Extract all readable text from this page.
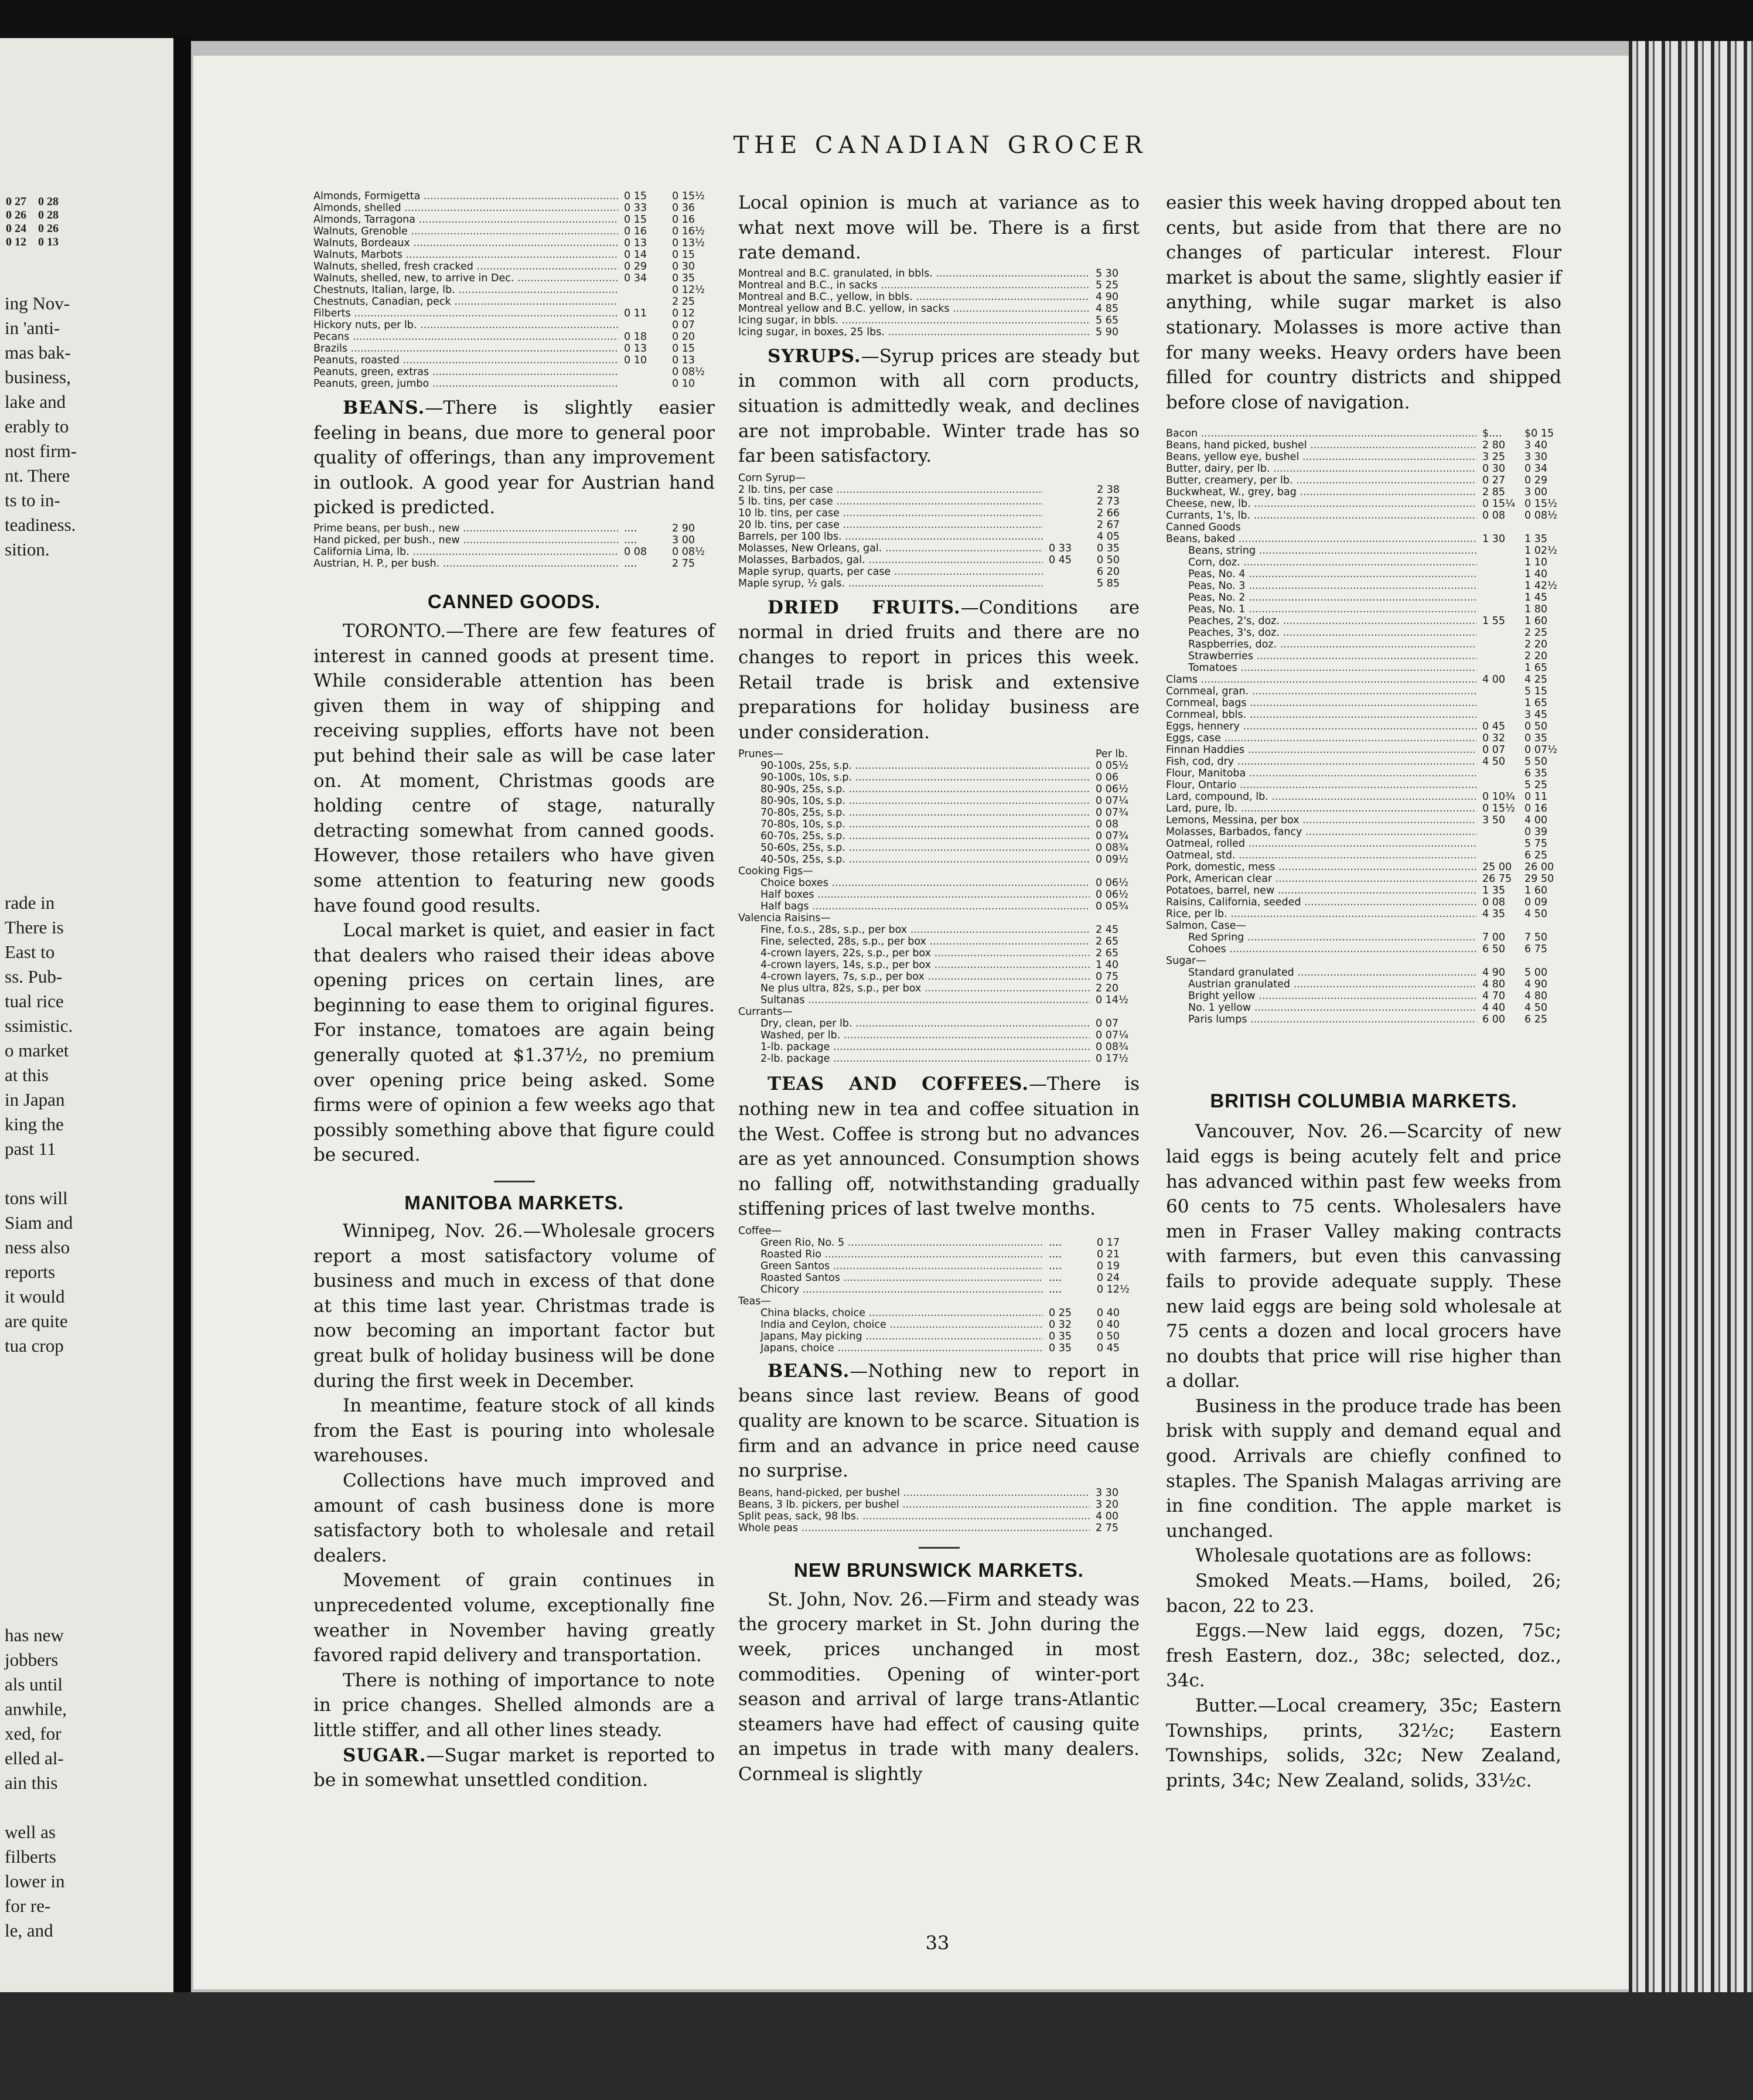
0 27 0 28
0 26 0 28
0 24 0 26
0 12 0 13
ing Nov-
in 'anti-
mas bak-
business,
lake and
erably to
nost firm-
nt. There
ts to in-
teadiness.
sition.
rade in
There is
East to
ss. Pub-
tual rice
ssimistic.
o market
at this
in Japan
king the
past 11

tons will
Siam and
ness also
reports
it would
are quite
tua crop
has new
jobbers
als until
anwhile,
xed, for
elled al-
ain this

well as
filberts
lower in
for re-
le, and
THE CANADIAN GROCER
Almonds, Formigetta .....	0 15	0 15½
Almonds, shelled .....	0 33	0 36
Almonds, Tarragona .....	0 15	0 16
Walnuts, Grenoble .....	0 16	0 16½
Walnuts, Bordeaux .....	0 13	0 13½
Walnuts, Marbots .....	0 14	0 15
Walnuts, shelled, fresh cracked .....	0 29	0 30
Walnuts, shelled, new, to arrive in Dec. .....	0 34	0 35
Chestnuts, Italian, large, lb. .....		0 12½
Chestnuts, Canadian, peck .....		2 25
Filberts .....	0 11	0 12
Hickory nuts, per lb. .....		0 07
Pecans .....	0 18	0 20
Brazils .....	0 13	0 15
Peanuts, roasted .....	0 10	0 13
Peanuts, green, extras .....		0 08½
Peanuts, green, jumbo .....		0 10

BEANS.—There is slightly easier feeling in beans, due more to general poor quality of offerings, than any improvement in outlook. A good year for Austrian hand picked is predicted.

Prime beans, per bush., new .....	....	2 90
Hand picked, per bush., new .....	....	3 00
California Lima, lb. .....	0 08	0 08½
Austrian, H. P., per bush. .....	....	2 75

CANNED GOODS.

TORONTO.—There are few features of interest in canned goods at present time. While considerable attention has been given them in way of shipping and receiving supplies, efforts have not been put behind their sale as will be case later on. At moment, Christmas goods are holding centre of stage, naturally detracting somewhat from canned goods. However, those retailers who have given some attention to featuring new goods have found good results.

Local market is quiet, and easier in fact that dealers who raised their ideas above opening prices on certain lines, are beginning to ease them to original figures. For instance, tomatoes are again being generally quoted at $1.37½, no premium over opening price being asked. Some firms were of opinion a few weeks ago that possibly something above that figure could be secured.

MANITOBA MARKETS.

Winnipeg, Nov. 26.—Wholesale grocers report a most satisfactory volume of business and much in excess of that done at this time last year. Christmas trade is now becoming an important factor but great bulk of holiday business will be done during the first week in December.

In meantime, feature stock of all kinds from the East is pouring into wholesale warehouses.

Collections have much improved and amount of cash business done is more satisfactory both to wholesale and retail dealers.

Movement of grain continues in unprecedented volume, exceptionally fine weather in November having greatly favored rapid delivery and transportation.

There is nothing of importance to note in price changes. Shelled almonds are a little stiffer, and all other lines steady.

SUGAR.—Sugar market is reported to be in somewhat unsettled condition.

Local opinion is much at variance as to what next move will be. There is a first rate demand.

Montreal and B.C. granulated, in bbls. .....	5 30
Montreal and B.C., in sacks .....	5 25
Montreal and B.C., yellow, in bbls. .....	4 90
Montreal yellow and B.C. yellow, in sacks .....	4 85
Icing sugar, in bbls. .....	5 65
Icing sugar, in boxes, 25 lbs. .....	5 90

SYRUPS.—Syrup prices are steady but in common with all corn products, situation is admittedly weak, and declines are not improbable. Winter trade has so far been satisfactory.

Corn Syrup—		
2 lb. tins, per case .....		2 38
5 lb. tins, per case .....		2 73
10 lb. tins, per case .....		2 66
20 lb. tins, per case .....		2 67
Barrels, per 100 lbs. .....		4 05
Molasses, New Orleans, gal. .....	0 33	0 35
Molasses, Barbados, gal. .....	0 45	0 50
Maple syrup, quarts, per case .....		6 20
Maple syrup, ½ gals. .....		5 85

DRIED FRUITS.—Conditions are normal in dried fruits and there are no changes to report in prices this week. Retail trade is brisk and extensive preparations for holiday business are under consideration.

Prunes—	Per lb.
90-100s, 25s, s.p. .....	0 05½
90-100s, 10s, s.p. .....	0 06
80-90s, 25s, s.p. .....	0 06½
80-90s, 10s, s.p. .....	0 07¼
70-80s, 25s, s.p. .....	0 07¾
70-80s, 10s, s.p. .....	0 08
60-70s, 25s, s.p. .....	0 07¾
50-60s, 25s, s.p. .....	0 08¾
40-50s, 25s, s.p. .....	0 09½
Cooking Figs—	
Choice boxes .....	0 06½
Half boxes .....	0 06½
Half bags .....	0 05¾
Valencia Raisins—	
Fine, f.o.s., 28s, s.p., per box .....	2 45
Fine, selected, 28s, s.p., per box .....	2 65
4-crown layers, 22s, s.p., per box .....	2 65
4-crown layers, 14s, s.p., per box .....	1 40
4-crown layers, 7s, s.p., per box .....	0 75
Ne plus ultra, 82s, s.p., per box .....	2 20
Sultanas .....	0 14½
Currants—	
Dry, clean, per lb. .....	0 07
Washed, per lb. .....	0 07¼
1-lb. package .....	0 08¾
2-lb. package .....	0 17½

TEAS AND COFFEES.—There is nothing new in tea and coffee situation in the West. Coffee is strong but no advances are as yet announced. Consumption shows no falling off, notwithstanding gradually stiffening prices of last twelve months.

Coffee—		
Green Rio, No. 5 .....	....	0 17
Roasted Rio .....	....	0 21
Green Santos .....	....	0 19
Roasted Santos .....	....	0 24
Chicory .....	....	0 12½
Teas—		
China blacks, choice .....	0 25	0 40
India and Ceylon, choice .....	0 32	0 40
Japans, May picking .....	0 35	0 50
Japans, choice .....	0 35	0 45

BEANS.—Nothing new to report in beans since last review. Beans of good quality are known to be scarce. Situation is firm and an advance in price need cause no surprise.

Beans, hand-picked, per bushel .....	3 30
Beans, 3 lb. pickers, per bushel .....	3 20
Split peas, sack, 98 lbs. .....	4 00
Whole peas .....	2 75

NEW BRUNSWICK MARKETS.

St. John, Nov. 26.—Firm and steady was the grocery market in St. John during the week, prices unchanged in most commodities. Opening of winter-port season and arrival of large trans-Atlantic steamers have had effect of causing quite an impetus in trade with many dealers. Cornmeal is slightly

easier this week having dropped about ten cents, but aside from that there are no changes of particular interest. Flour market is about the same, slightly easier if anything, while sugar market is also stationary. Molasses is more active than for many weeks. Heavy orders have been filled for country districts and shipped before close of navigation.

Bacon .....	$....	$0 15
Beans, hand picked, bushel .....	2 80	3 40
Beans, yellow eye, bushel .....	3 25	3 30
Butter, dairy, per lb. .....	0 30	0 34
Butter, creamery, per lb. .....	0 27	0 29
Buckwheat, W., grey, bag .....	2 85	3 00
Cheese, new, lb. .....	0 15¼	0 15½
Currants, 1's, lb. .....	0 08	0 08½
Canned Goods		
Beans, baked .....	1 30	1 35
Beans, string .....		1 02½
Corn, doz. .....		1 10
Peas, No. 4 .....		1 40
Peas, No. 3 .....		1 42½
Peas, No. 2 .....		1 45
Peas, No. 1 .....		1 80
Peaches, 2's, doz. .....	1 55	1 60
Peaches, 3's, doz. .....		2 25
Raspberries, doz. .....		2 20
Strawberries .....		2 20
Tomatoes .....		1 65
Clams .....	4 00	4 25
Cornmeal, gran. .....		5 15
Cornmeal, bags .....		1 65
Cornmeal, bbls. .....		3 45
Eggs, hennery .....	0 45	0 50
Eggs, case .....	0 32	0 35
Finnan Haddies .....	0 07	0 07½
Fish, cod, dry .....	4 50	5 50
Flour, Manitoba .....		6 35
Flour, Ontario .....		5 25
Lard, compound, lb. .....	0 10¾	0 11
Lard, pure, lb. .....	0 15½	0 16
Lemons, Messina, per box .....	3 50	4 00
Molasses, Barbados, fancy .....		0 39
Oatmeal, rolled .....		5 75
Oatmeal, std. .....		6 25
Pork, domestic, mess .....	25 00	26 00
Pork, American clear .....	26 75	29 50
Potatoes, barrel, new .....	1 35	1 60
Raisins, California, seeded .....	0 08	0 09
Rice, per lb. .....	4 35	4 50
Salmon, Case—		
Red Spring .....	7 00	7 50
Cohoes .....	6 50	6 75
Sugar—		
Standard granulated .....	4 90	5 00
Austrian granulated .....	4 80	4 90
Bright yellow .....	4 70	4 80
No. 1 yellow .....	4 40	4 50
Paris lumps .....	6 00	6 25

BRITISH COLUMBIA MARKETS.

Vancouver, Nov. 26.—Scarcity of new laid eggs is being acutely felt and price has advanced within past few weeks from 60 cents to 75 cents. Wholesalers have men in Fraser Valley making contracts with farmers, but even this canvassing fails to provide adequate supply. These new laid eggs are being sold wholesale at 75 cents a dozen and local grocers have no doubts that price will rise higher than a dollar.

Business in the produce trade has been brisk with supply and demand equal and good. Arrivals are chiefly confined to staples. The Spanish Malagas arriving are in fine condition. The apple market is unchanged.

Wholesale quotations are as follows:

Smoked Meats.—Hams, boiled, 26; bacon, 22 to 23.

Eggs.—New laid eggs, dozen, 75c; fresh Eastern, doz., 38c; selected, doz., 34c.

Butter.—Local creamery, 35c; Eastern Townships, prints, 32½c; Eastern Townships, solids, 32c; New Zealand, prints, 34c; New Zealand, solids, 33½c.

33
